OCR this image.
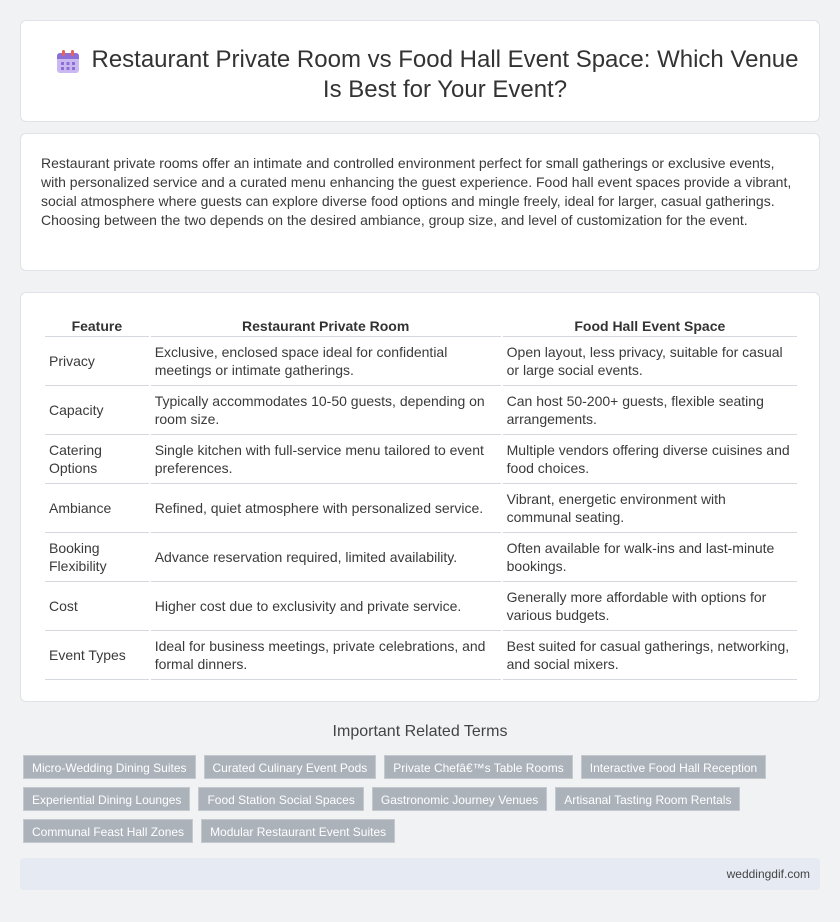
Restaurant Private Room vs Food Hall Event Space: Which Venue Is Best for Your Event?

Restaurant private rooms offer an intimate and controlled environment perfect for small gatherings or exclusive events, with personalized service and a curated menu enhancing the guest experience. Food hall event spaces provide a vibrant, social atmosphere where guests can explore diverse food options and mingle freely, ideal for larger, casual gatherings. Choosing between the two depends on the desired ambiance, group size, and level of customization for the event.

Feature	Restaurant Private Room	Food Hall Event Space
Privacy	Exclusive, enclosed space ideal for confidential meetings or intimate gatherings.	Open layout, less privacy, suitable for casual or large social events.
Capacity	Typically accommodates 10-50 guests, depending on room size.	Can host 50-200+ guests, flexible seating arrangements.
Catering Options	Single kitchen with full-service menu tailored to event preferences.	Multiple vendors offering diverse cuisines and food choices.
Ambiance	Refined, quiet atmosphere with personalized service.	Vibrant, energetic environment with communal seating.
Booking Flexibility	Advance reservation required, limited availability.	Often available for walk-ins and last-minute bookings.
Cost	Higher cost due to exclusivity and private service.	Generally more affordable with options for various budgets.
Event Types	Ideal for business meetings, private celebrations, and formal dinners.	Best suited for casual gatherings, networking, and social mixers.
Important Related Terms
Micro-Wedding Dining Suites	Curated Culinary Event Pods	Private Chefâ€™s Table Rooms	Interactive Food Hall Reception
Experiential Dining Lounges	Food Station Social Spaces	Gastronomic Journey Venues	Artisanal Tasting Room Rentals
Communal Feast Hall Zones	Modular Restaurant Event Suites
weddingdif.com
